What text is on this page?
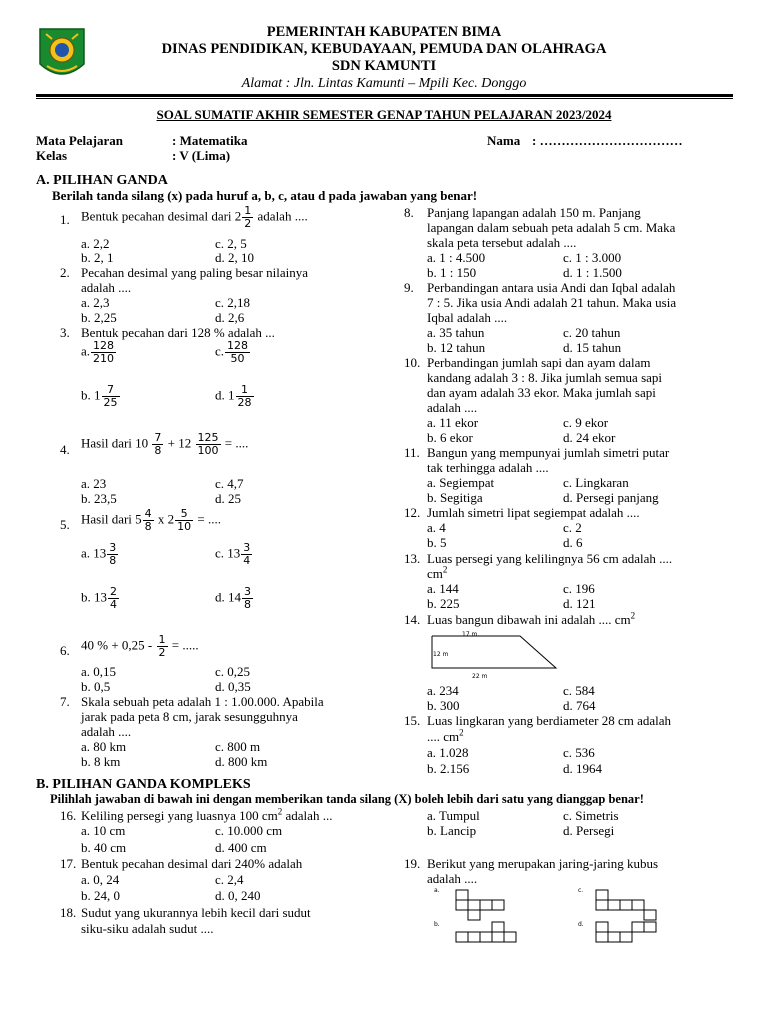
PEMERINTAH KABUPATEN BIMA
DINAS PENDIDIKAN, KEBUDAYAAN, PEMUDA DAN OLAHRAGA
SDN KAMUNTI
Alamat : Jln. Lintas Kamunti – Mpili Kec. Donggo
SOAL SUMATIF AKHIR SEMESTER GENAP TAHUN PELAJARAN 2023/2024
Mata Pelajaran	: Matematika
Kelas	: V (Lima)
Nama : ……………………………
A. PILIHAN GANDA
Berilah tanda silang (x) pada huruf a, b, c, atau d pada jawaban yang benar!
1. Bentuk pecahan desimal dari $2 \frac{1}{2}$ adalah ....
a. 2,2	c. 2, 5
b. 2, 1	d. 2, 10
2. Pecahan desimal yang paling besar nilainya
adalah ....
a. 2,3	c. 2,18
b. 2,25	d. 2,6
3. Bentuk pecahan dari 128 % adalah ...
a. $\frac{128}{210}$	c. $\frac{128}{50}$
b. $1 \frac{7}{25}$	d. $1 \frac{1}{28}$
4. Hasil dari $10 \frac{7}{8} + 12 \frac{125}{100}$ = ....
a. 23	c. 4,7
b. 23,5	d. 25
5. Hasil dari $5 \frac{4}{8}$ x $2 \frac{5}{10}$ = ....
a. $13 \frac{3}{8}$	c. $13 \frac{3}{4}$
b. $13 \frac{2}{4}$	d. $14 \frac{3}{8}$
6. 40 % + $0,25 - \frac{1}{2}$ = .....
a. 0,15	c. 0,25
b. 0,5	d. 0,35
7. Skala sebuah peta adalah 1 : 1.00.000. Apabila
jarak pada peta 8 cm, jarak sesungguhnya
adalah ....
a. 80 km	c. 800 m
b. 8 km	d. 800 km
8. Panjang lapangan adalah 150 m. Panjang
lapangan dalam sebuah peta adalah 5 cm. Maka
skala peta tersebut adalah ....
a. 1 : 4.500	c. 1 : 3.000
b. 1 : 150	d. 1 : 1.500
9. Perbandingan antara usia Andi dan Iqbal adalah
7 : 5. Jika usia Andi adalah 21 tahun. Maka usia
Iqbal adalah ....
a. 35 tahun	c. 20 tahun
b. 12 tahun	d. 15 tahun
10. Perbandingan jumlah sapi dan ayam dalam
kandang adalah 3 : 8. Jika jumlah semua sapi
dan ayam adalah 33 ekor. Maka jumlah sapi
adalah ....
a. 11 ekor	c. 9 ekor
b. 6 ekor	d. 24 ekor
11. Bangun yang mempunyai jumlah simetri putar
tak terhingga adalah ....
a. Segiempat	c. Lingkaran
b. Segitiga	d. Persegi panjang
12. Jumlah simetri lipat segiempat adalah ....
a. 4	c. 2
b. 5	d. 6
13. Luas persegi yang kelilingnya 56 cm adalah ....
$cm^2$
a. 144	c. 196
b. 225	d. 121
14. Luas bangun dibawah ini adalah .... $cm^2$
17 m
12 m
22 m
a. 234	c. 584
b. 300	d. 764
15. Luas lingkaran yang berdiameter 28 cm adalah
.... $cm^2$
a. 1.028	c. 536
b. 2.156	d. 1964
B. PILIHAN GANDA KOMPLEKS
Pilihlah jawaban di bawah ini dengan memberikan tanda silang (X) boleh lebih dari satu yang dianggap benar!
16. Keliling persegi yang luasnya 100 $cm^2$ adalah ...
a. 10 cm	c. 10.000 cm
b. 40 cm	d. 400 cm
17. Bentuk pecahan desimal dari 240% adalah
a. 0, 24	c. 2,4
b. 24, 0	d. 0, 240
18. Sudut yang ukurannya lebih kecil dari sudut
siku-siku adalah sudut ....
a. Tumpul	c. Simetris
b. Lancip	d. Persegi
19. Berikut yang merupakan jaring-jaring kubus
adalah ....
a.
b.
c.
d.
